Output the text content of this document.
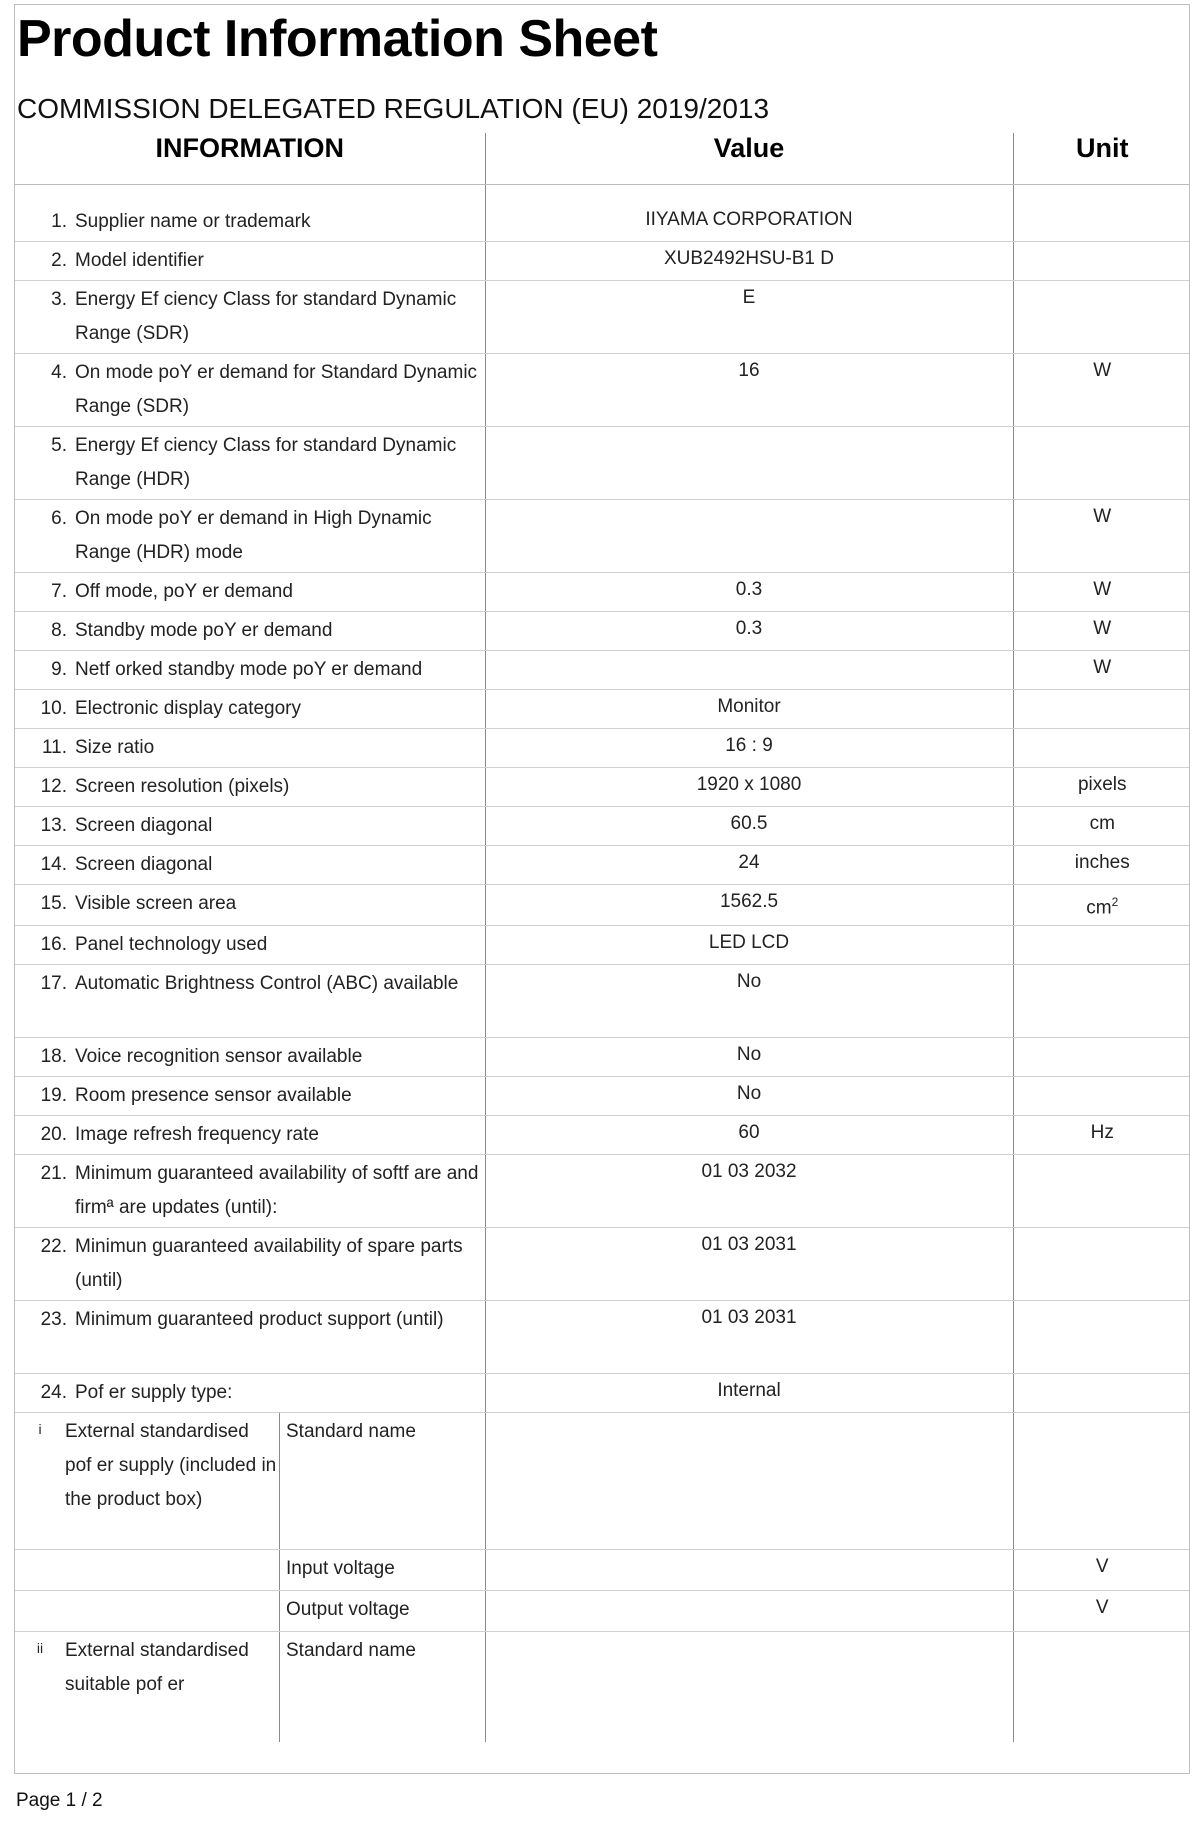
Product Information Sheet
COMMISSION DELEGATED REGULATION (EU) 2019/2013
INFORMATION	Value	Unit

1. Supplier name or trademark	IIYAMA CORPORATION	

2. Model identifier	XUB2492HSU-B1 D	

3. Energy Ef ciency Class for standard Dynamic Range (SDR)	E	

4. On mode poY er demand for Standard Dynamic Range (SDR)	16	W

5. Energy Ef ciency Class for standard Dynamic Range (HDR)		

6. On mode poY er demand in High Dynamic Range (HDR) mode		W

7. Off mode, poY er demand	0.3	W

8. Standby mode poY er demand	0.3	W

9. Netf orked standby mode poY er demand		W

10. Electronic display category	Monitor	

11. Size ratio	16 : 9	

12. Screen resolution (pixels)	1920 x 1080	pixels

13. Screen diagonal	60.5	cm

14. Screen diagonal	24	inches

15. Visible screen area	1562.5	$cm^2$

16. Panel technology used	LED LCD	

17. Automatic Brightness Control (ABC) available	No	

18. Voice recognition sensor available	No	

19. Room presence sensor available	No	

20. Image refresh frequency rate	60	Hz

21. Minimum guaranteed availability of softf are and firmª are updates (until):	01 03 2032	

22. Minimun guaranteed availability of spare parts (until)	01 03 2031	

23. Minimum guaranteed product support (until)	01 03 2031	

24. Pof er supply type:	Internal	

i External standardised pof er supply (included in the product box)
Standard name		

Input voltage		V

Output voltage		V

ii External standardised suitable pof er
Standard name		

Page 1 / 2
